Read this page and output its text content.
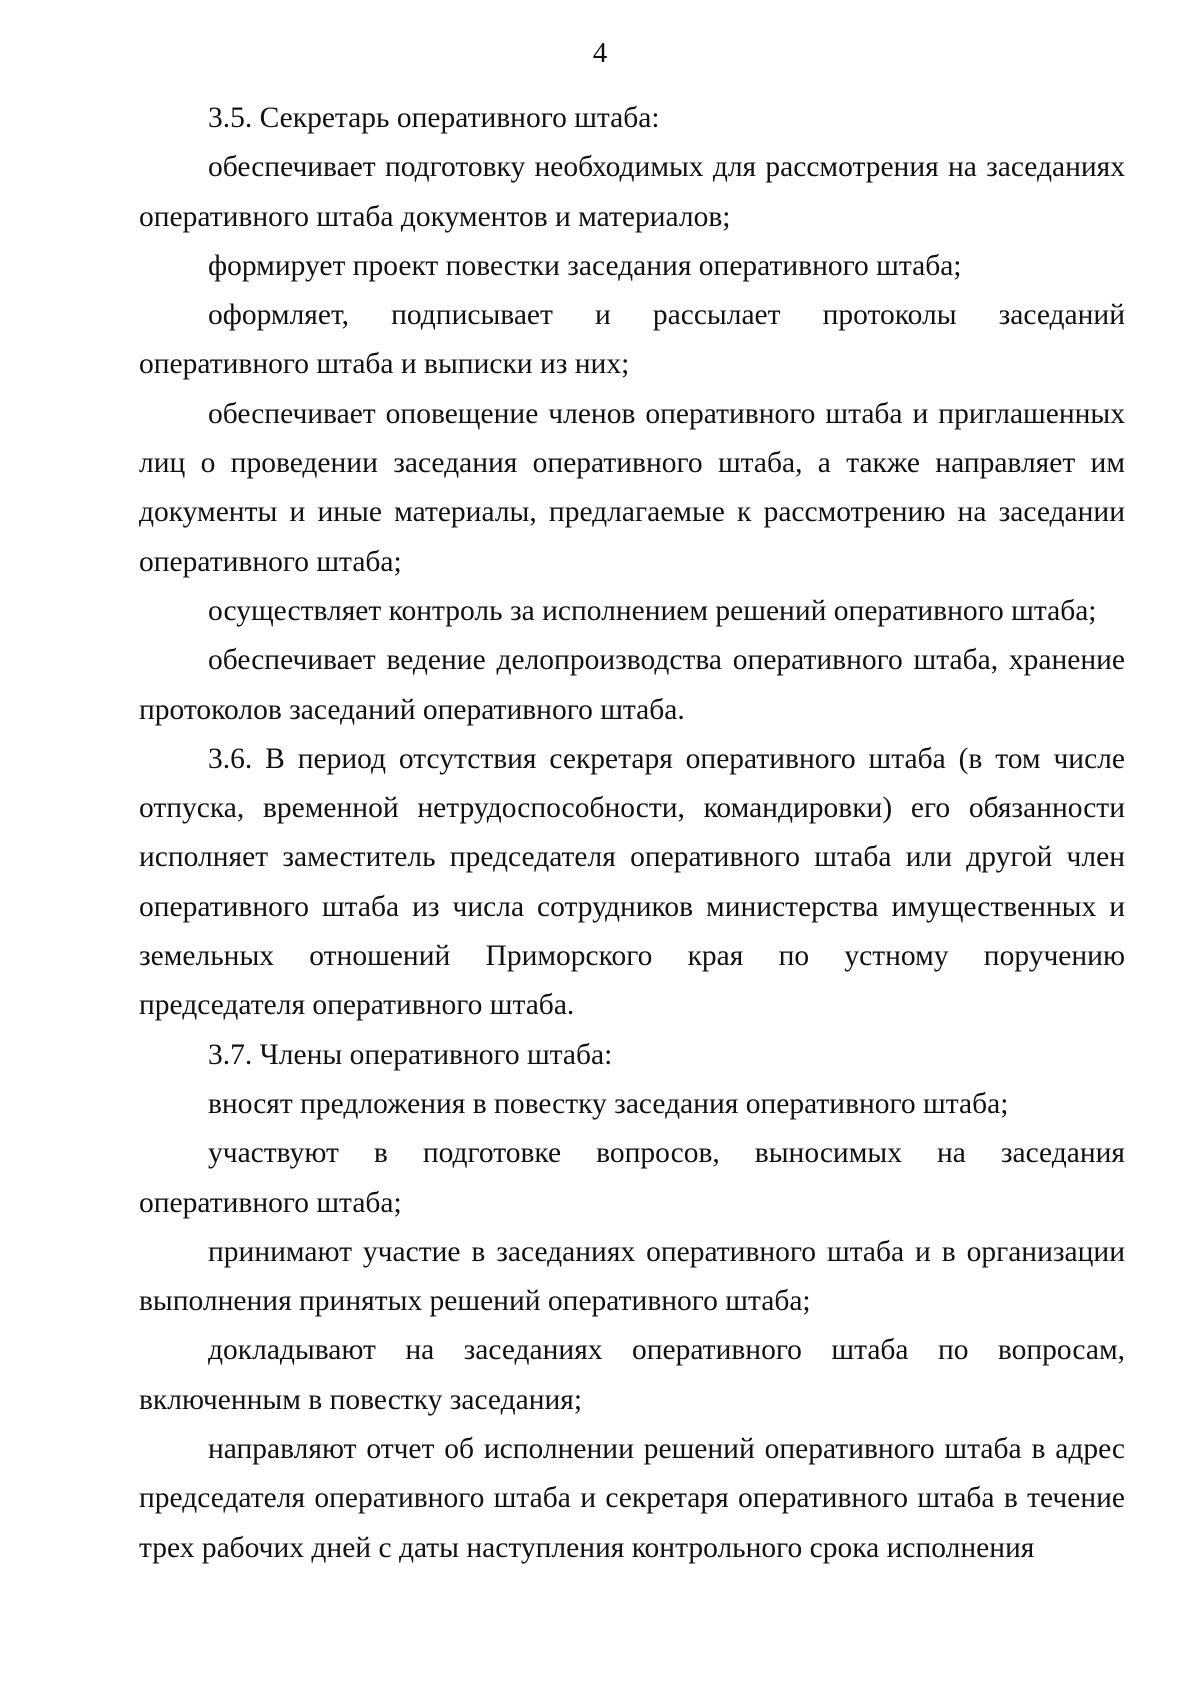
4

3.5. Секретарь оперативного штаба:

обеспечивает подготовку необходимых для рассмотрения на заседаниях оперативного штаба документов и материалов;

формирует проект повестки заседания оперативного штаба;

оформляет, подписывает и рассылает протоколы заседаний оперативного штаба и выписки из них;

обеспечивает оповещение членов оперативного штаба и приглашенных лиц о проведении заседания оперативного штаба, а также направляет им документы и иные материалы, предлагаемые к рассмотрению на заседании оперативного штаба;

осуществляет контроль за исполнением решений оперативного штаба;

обеспечивает ведение делопроизводства оперативного штаба, хранение протоколов заседаний оперативного штаба.

3.6. В период отсутствия секретаря оперативного штаба (в том числе отпуска, временной нетрудоспособности, командировки) его обязанности исполняет заместитель председателя оперативного штаба или другой член оперативного штаба из числа сотрудников министерства имущественных и земельных отношений Приморского края по устному поручению председателя оперативного штаба.

3.7. Члены оперативного штаба:

вносят предложения в повестку заседания оперативного штаба;

участвуют в подготовке вопросов, выносимых на заседания оперативного штаба;

принимают участие в заседаниях оперативного штаба и в организации выполнения принятых решений оперативного штаба;

докладывают на заседаниях оперативного штаба по вопросам, включенным в повестку заседания;

направляют отчет об исполнении решений оперативного штаба в адрес председателя оперативного штаба и секретаря оперативного штаба в течение трех рабочих дней с даты наступления контрольного срока исполнения
